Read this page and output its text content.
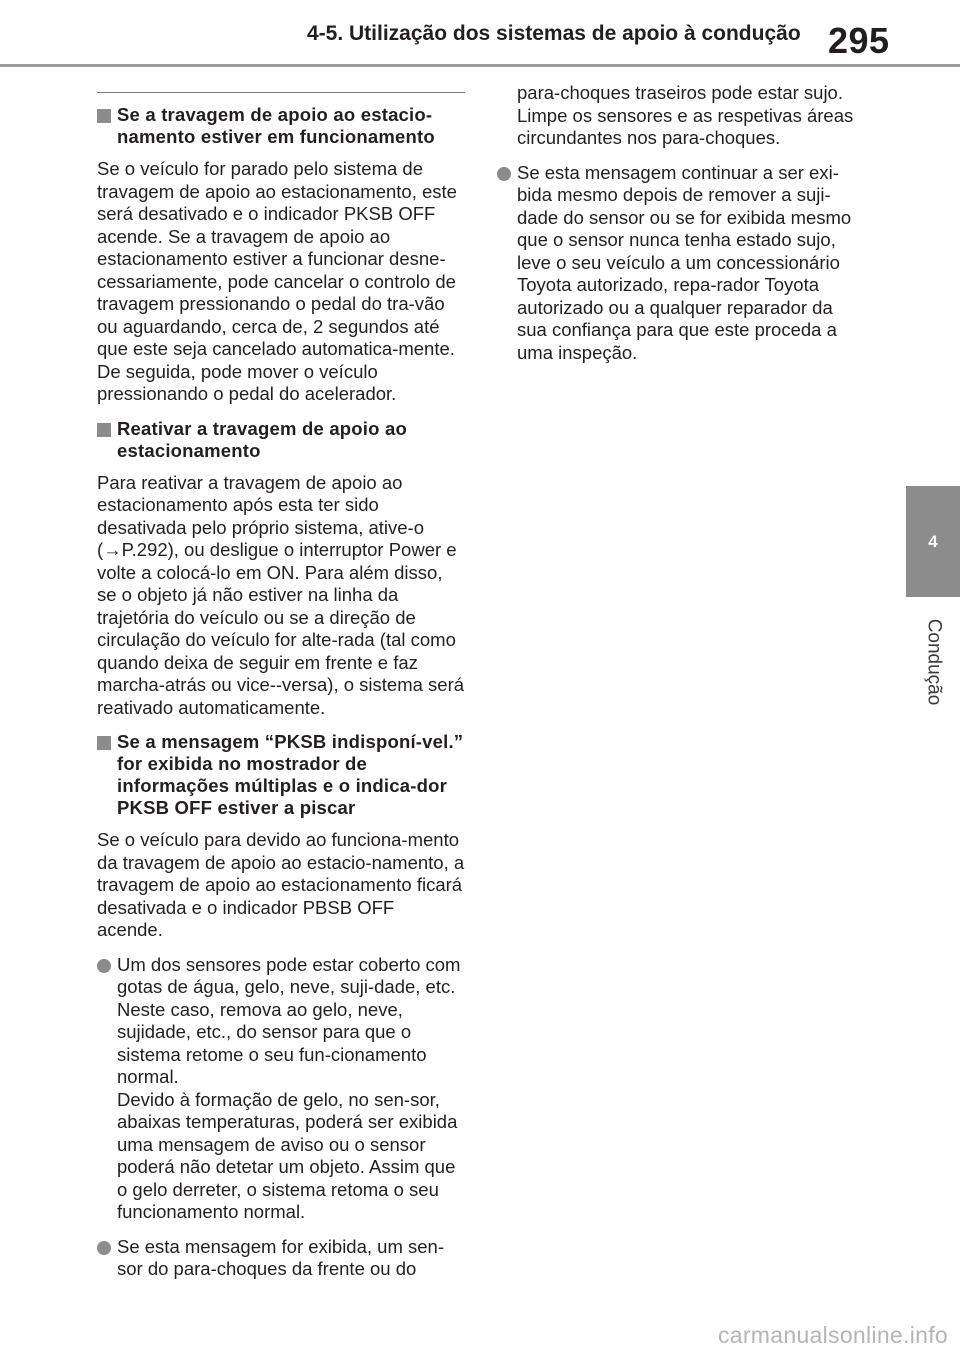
4-5. Utilização dos sistemas de apoio à condução 295
4
Condução
Se a travagem de apoio ao estacio-namento estiver em funcionamento

Se o veículo for parado pelo sistema de travagem de apoio ao estacionamento, este será desativado e o indicador PKSB OFF acende. Se a travagem de apoio ao estacionamento estiver a funcionar desne-cessariamente, pode cancelar o controlo de travagem pressionando o pedal do tra-vão ou aguardando, cerca de, 2 segundos até que este seja cancelado automatica-mente. De seguida, pode mover o veículo pressionando o pedal do acelerador.

Reativar a travagem de apoio ao estacionamento

Para reativar a travagem de apoio ao estacionamento após esta ter sido desativada pelo próprio sistema, ative-o (→P.292), ou desligue o interruptor Power e volte a colocá-lo em ON. Para além disso, se o objeto já não estiver na linha da trajetória do veículo ou se a direção de circulação do veículo for alte-rada (tal como quando deixa de seguir em frente e faz marcha-atrás ou vice--versa), o sistema será reativado automaticamente.

Se a mensagem “PKSB indisponí-vel.” for exibida no mostrador de informações múltiplas e o indica-dor PKSB OFF estiver a piscar

Se o veículo para devido ao funciona-mento da travagem de apoio ao estacio-namento, a travagem de apoio ao estacionamento ficará desativada e o indicador PBSB OFF acende.

Um dos sensores pode estar coberto com gotas de água, gelo, neve, suji-dade, etc. Neste caso, remova ao gelo, neve, sujidade, etc., do sensor para que o sistema retome o seu fun-cionamento normal.
Devido à formação de gelo, no sen-sor, abaixas temperaturas, poderá ser exibida uma mensagem de aviso ou o sensor poderá não detetar um objeto. Assim que o gelo derreter, o sistema retoma o seu funcionamento normal.
Se esta mensagem for exibida, um sen-sor do para-choques da frente ou do
para-choques traseiros pode estar sujo. Limpe os sensores e as respetivas áreas circundantes nos para-choques.
Se esta mensagem continuar a ser exi-bida mesmo depois de remover a suji-dade do sensor ou se for exibida mesmo que o sensor nunca tenha estado sujo, leve o seu veículo a um concessionário Toyota autorizado, repa-rador Toyota autorizado ou a qualquer reparador da sua confiança para que este proceda a uma inspeção.
carmanualsonline.info
